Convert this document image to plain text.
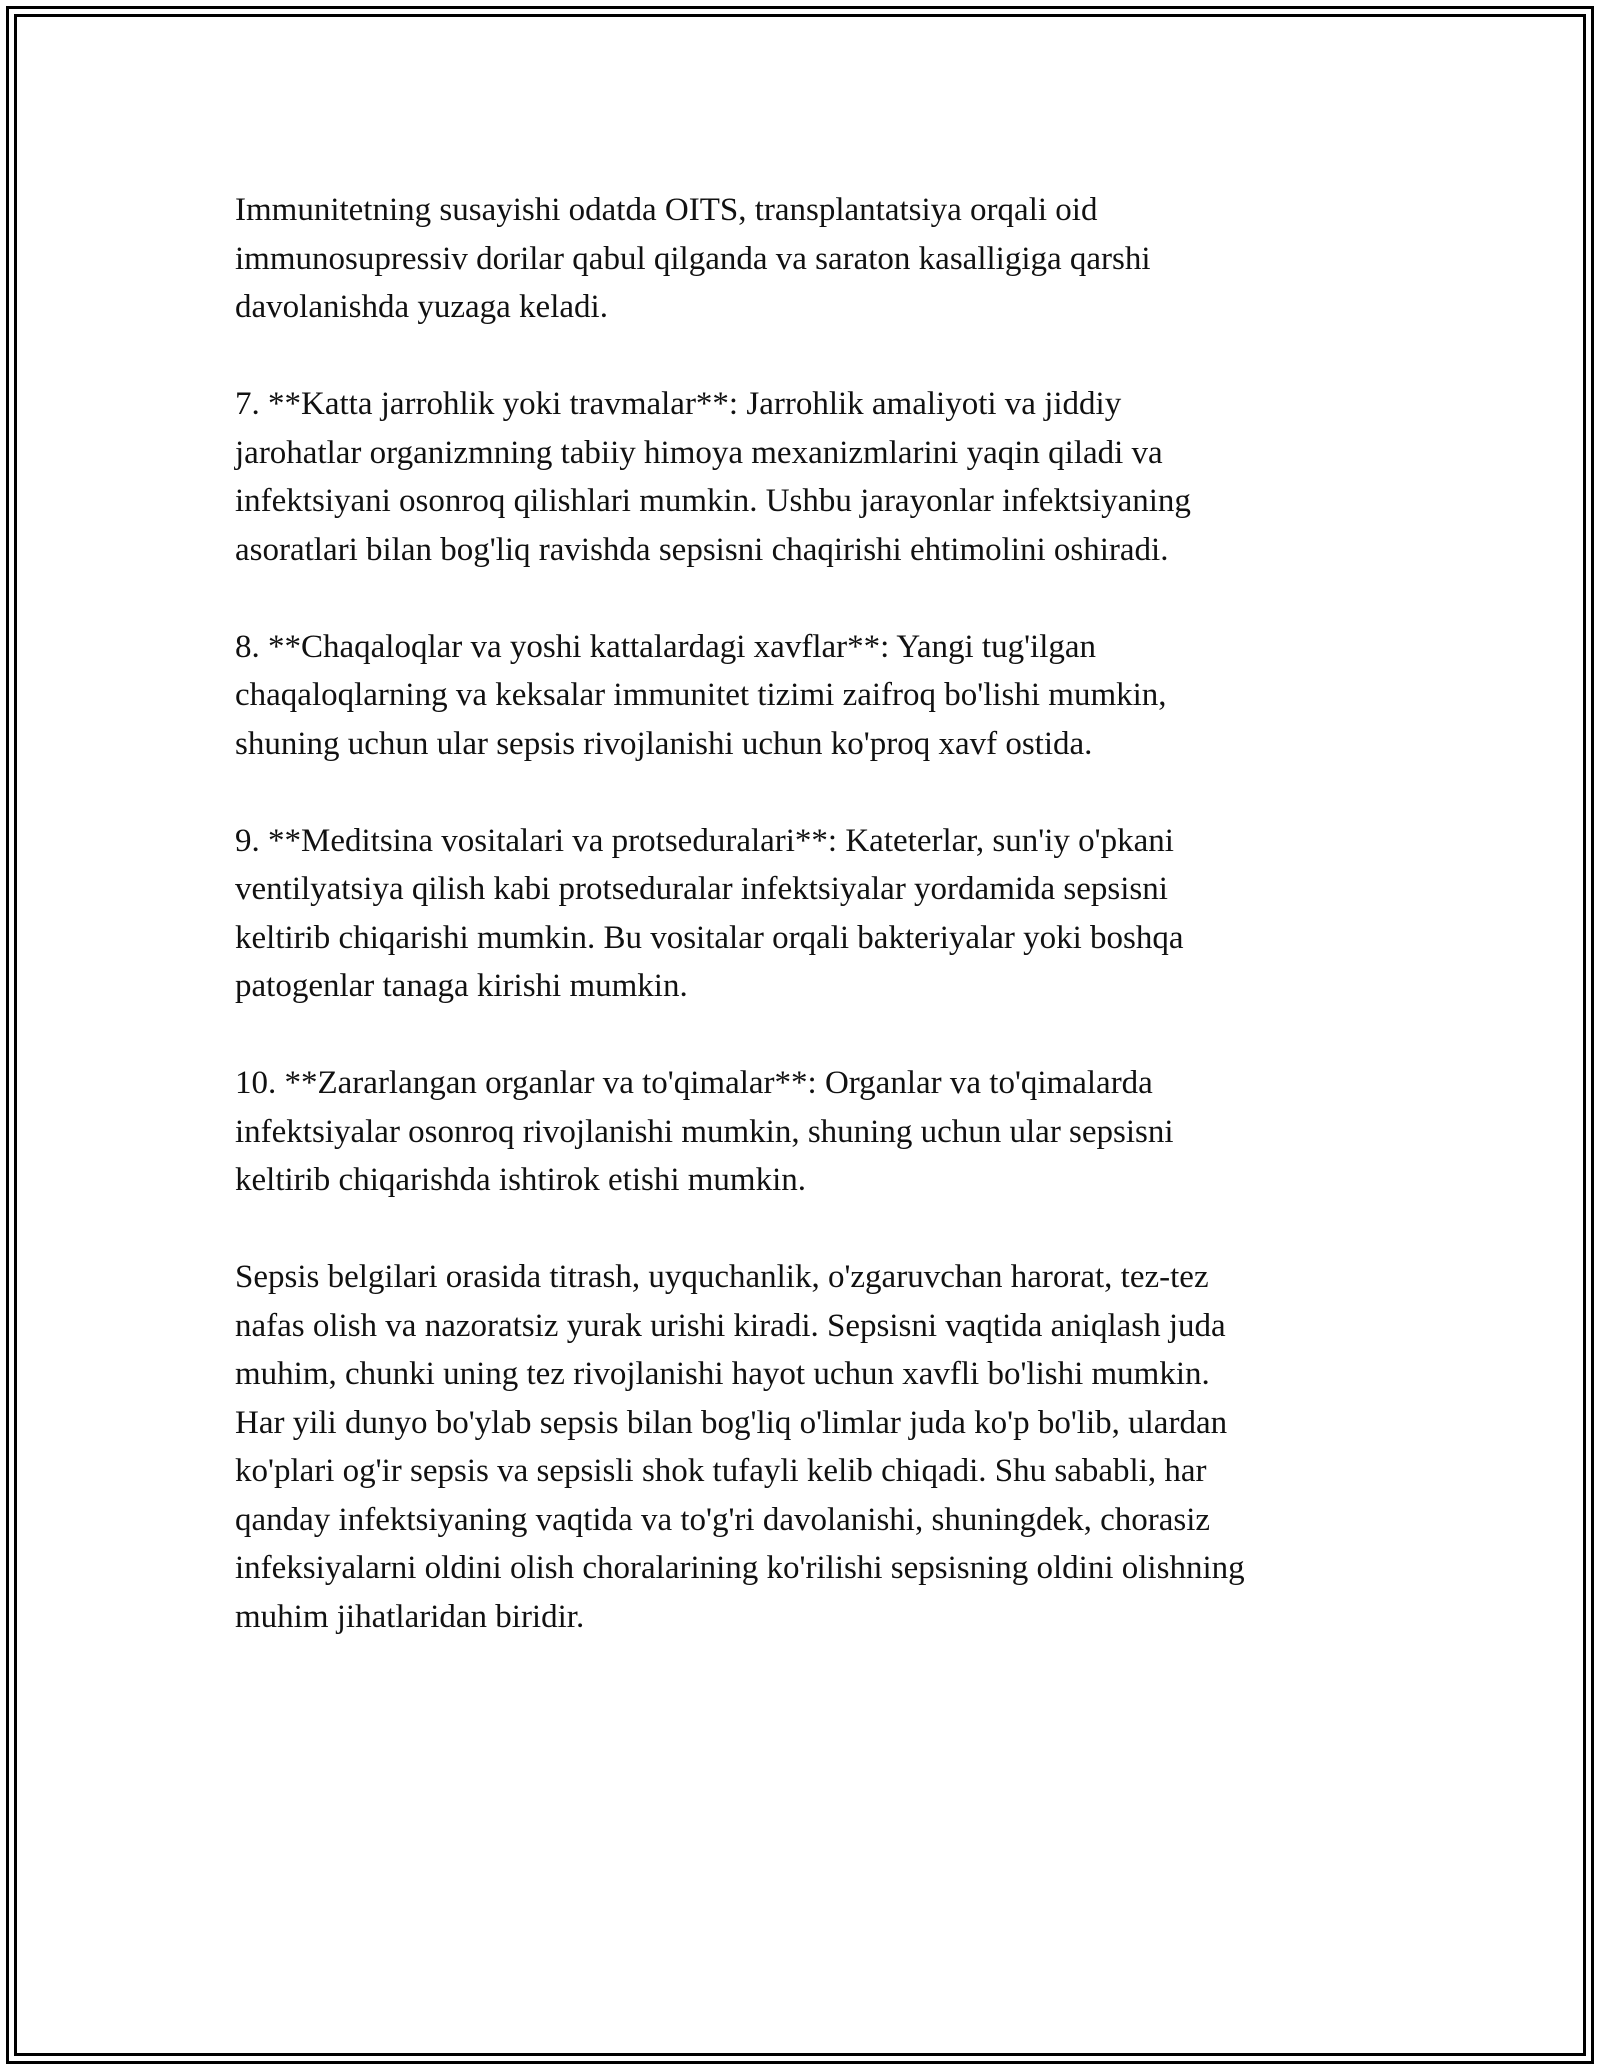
Immunitetning susayishi odatda OITS, transplantatsiya orqali oid
immunosupressiv dorilar qabul qilganda va saraton kasalligiga qarshi
davolanishda yuzaga keladi.

7. **Katta jarrohlik yoki travmalar**: Jarrohlik amaliyoti va jiddiy
jarohatlar organizmning tabiiy himoya mexanizmlarini yaqin qiladi va
infektsiyani osonroq qilishlari mumkin. Ushbu jarayonlar infektsiyaning
asoratlari bilan bog'liq ravishda sepsisni chaqirishi ehtimolini oshiradi.

8. **Chaqaloqlar va yoshi kattalardagi xavflar**: Yangi tug'ilgan
chaqaloqlarning va keksalar immunitet tizimi zaifroq bo'lishi mumkin,
shuning uchun ular sepsis rivojlanishi uchun ko'proq xavf ostida.

9. **Meditsina vositalari va protseduralari**: Kateterlar, sun'iy o'pkani
ventilyatsiya qilish kabi protseduralar infektsiyalar yordamida sepsisni
keltirib chiqarishi mumkin. Bu vositalar orqali bakteriyalar yoki boshqa
patogenlar tanaga kirishi mumkin.

10. **Zararlangan organlar va to'qimalar**: Organlar va to'qimalarda
infektsiyalar osonroq rivojlanishi mumkin, shuning uchun ular sepsisni
keltirib chiqarishda ishtirok etishi mumkin.

Sepsis belgilari orasida titrash, uyquchanlik, o'zgaruvchan harorat, tez-tez
nafas olish va nazoratsiz yurak urishi kiradi. Sepsisni vaqtida aniqlash juda
muhim, chunki uning tez rivojlanishi hayot uchun xavfli bo'lishi mumkin.
Har yili dunyo bo'ylab sepsis bilan bog'liq o'limlar juda ko'p bo'lib, ulardan
ko'plari og'ir sepsis va sepsisli shok tufayli kelib chiqadi. Shu sababli, har
qanday infektsiyaning vaqtida va to'g'ri davolanishi, shuningdek, chorasiz
infeksiyalarni oldini olish choralarining ko'rilishi sepsisning oldini olishning
muhim jihatlaridan biridir.
